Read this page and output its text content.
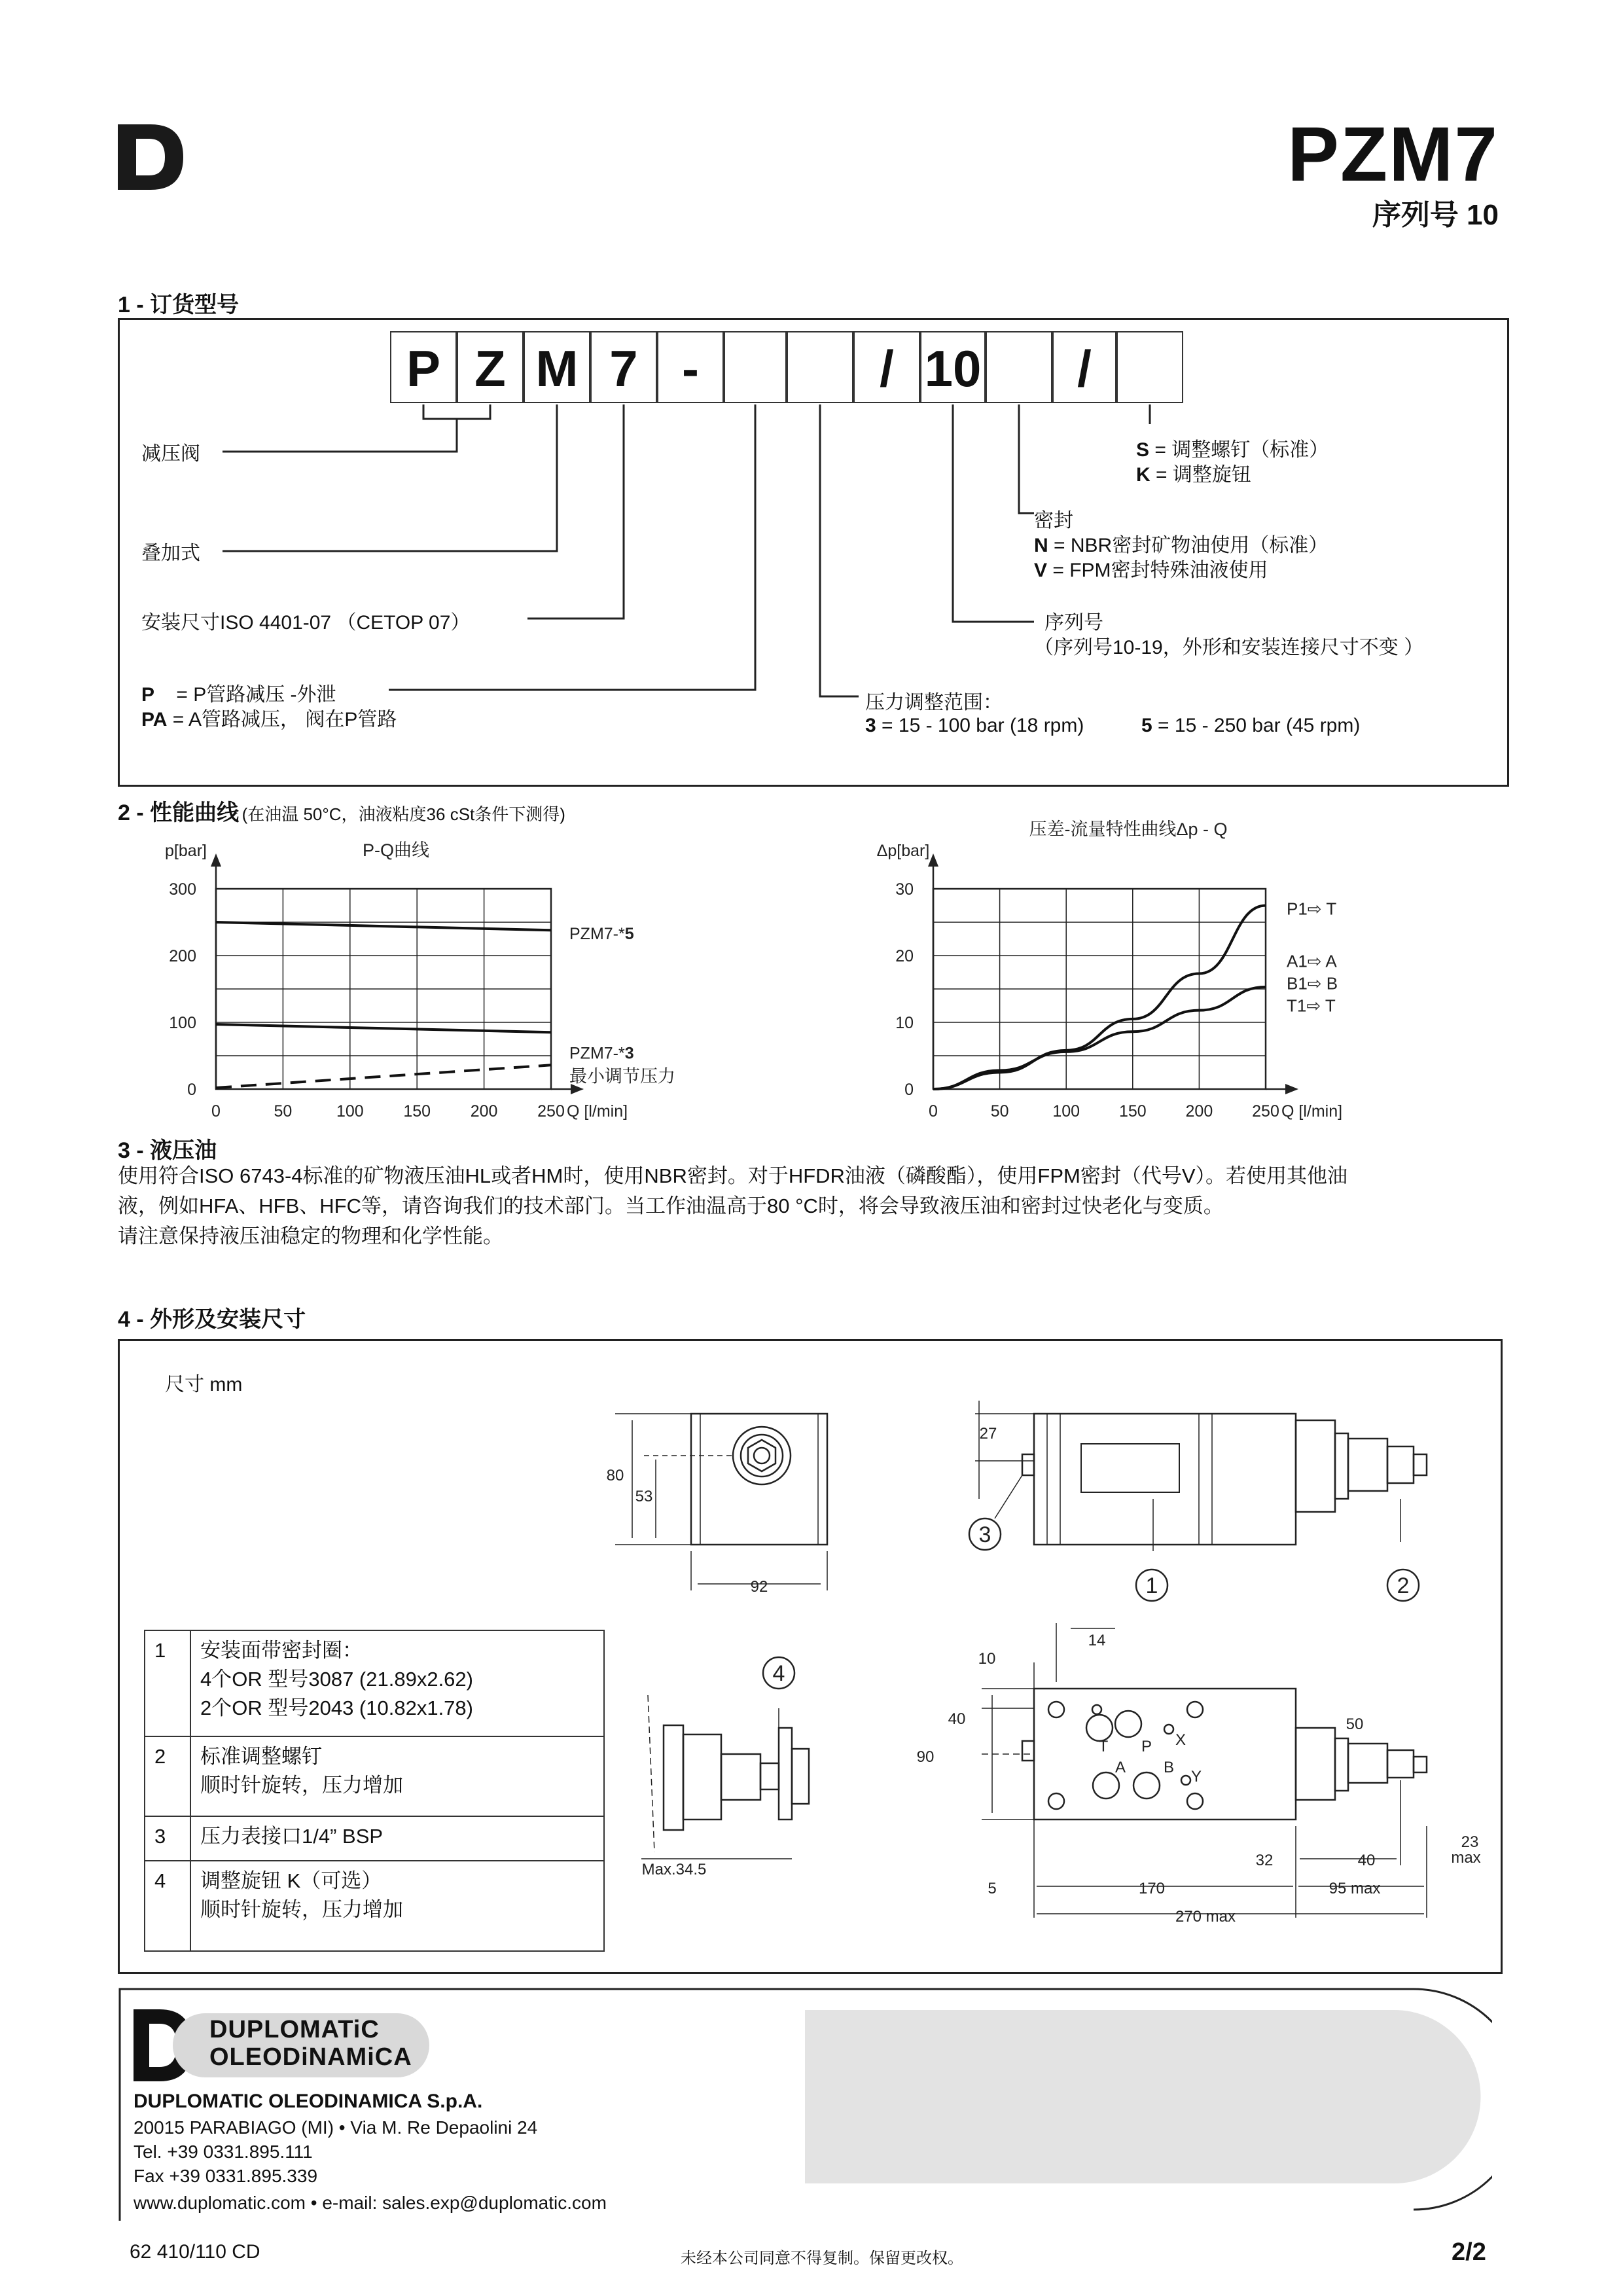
PZM7
序列号 10
1 - 订货型号
P Z M 7 -	/ 10	/
减压阀
叠加式
安装尺寸ISO 4401-07 （CETOP 07）
P = P管路减压 -外泄
PA = A管路减压， 阀在P管路
S = 调整螺钉（标准）
K = 调整旋钮
密封
N = NBR密封矿物油使用（标准）
V = FPM密封特殊油液使用
序列号
（序列号10-19，外形和安装连接尺寸不变 ）
压力调整范围：
3 = 15 - 100 bar (18 rpm)	5 = 15 - 250 bar (45 rpm)
2 - 性能曲线 (在油温 50°C，油液粘度36 cSt条件下测得)
0	50	100 150 200 250
0
100
200
300
Q [l/min]
p[bar]	P-Q曲线
PZM7-*5
PZM7-*3
最小调节压力
0	50	100 150 200 250
0
10
20
30
Q [l/min]
Δp[bar]
压差-流量特性曲线Δp - Q
P1⇨ T
A1⇨ A
B1⇨ B
T1⇨ T
3 - 液压油
使用符合ISO 6743-4标准的矿物液压油HL或者HM时，使用NBR密封。对于HFDR油液（磷酸酯），使用FPM密封（代号V）。若使用其他油
液，例如HFA、HFB、HFC等，请咨询我们的技术部门。当工作油温高于80 °C时，将会导致液压油和密封过快老化与变质。
请注意保持液压油稳定的物理和化学性能。
4 - 外形及安装尺寸
尺寸 mm
80
53
92
27
14
10
40
90
50
32	40
23
max
5	170	95 max
270 max
Max.34.5
T P X
A B
Y
1	2
3
4
1	安装面带密封圈：
4个OR 型号3087 (21.89x2.62)
2个OR 型号2043 (10.82x1.78)

2	标准调整螺钉
顺时针旋转，压力增加

3	压力表接口1/4” BSP

4	调整旋钮 K（可选）
顺时针旋转，压力增加
DUPLOMATiC
OLEODiNAMiCA
DUPLOMATIC OLEODINAMICA S.p.A.
20015 PARABIAGO (MI) • Via M. Re Depaolini 24
Tel. +39 0331.895.111
Fax +39 0331.895.339
www.duplomatic.com • e-mail: sales.exp@duplomatic.com
62 410/110 CD	未经本公司同意不得复制。保留更改权。	2/2
